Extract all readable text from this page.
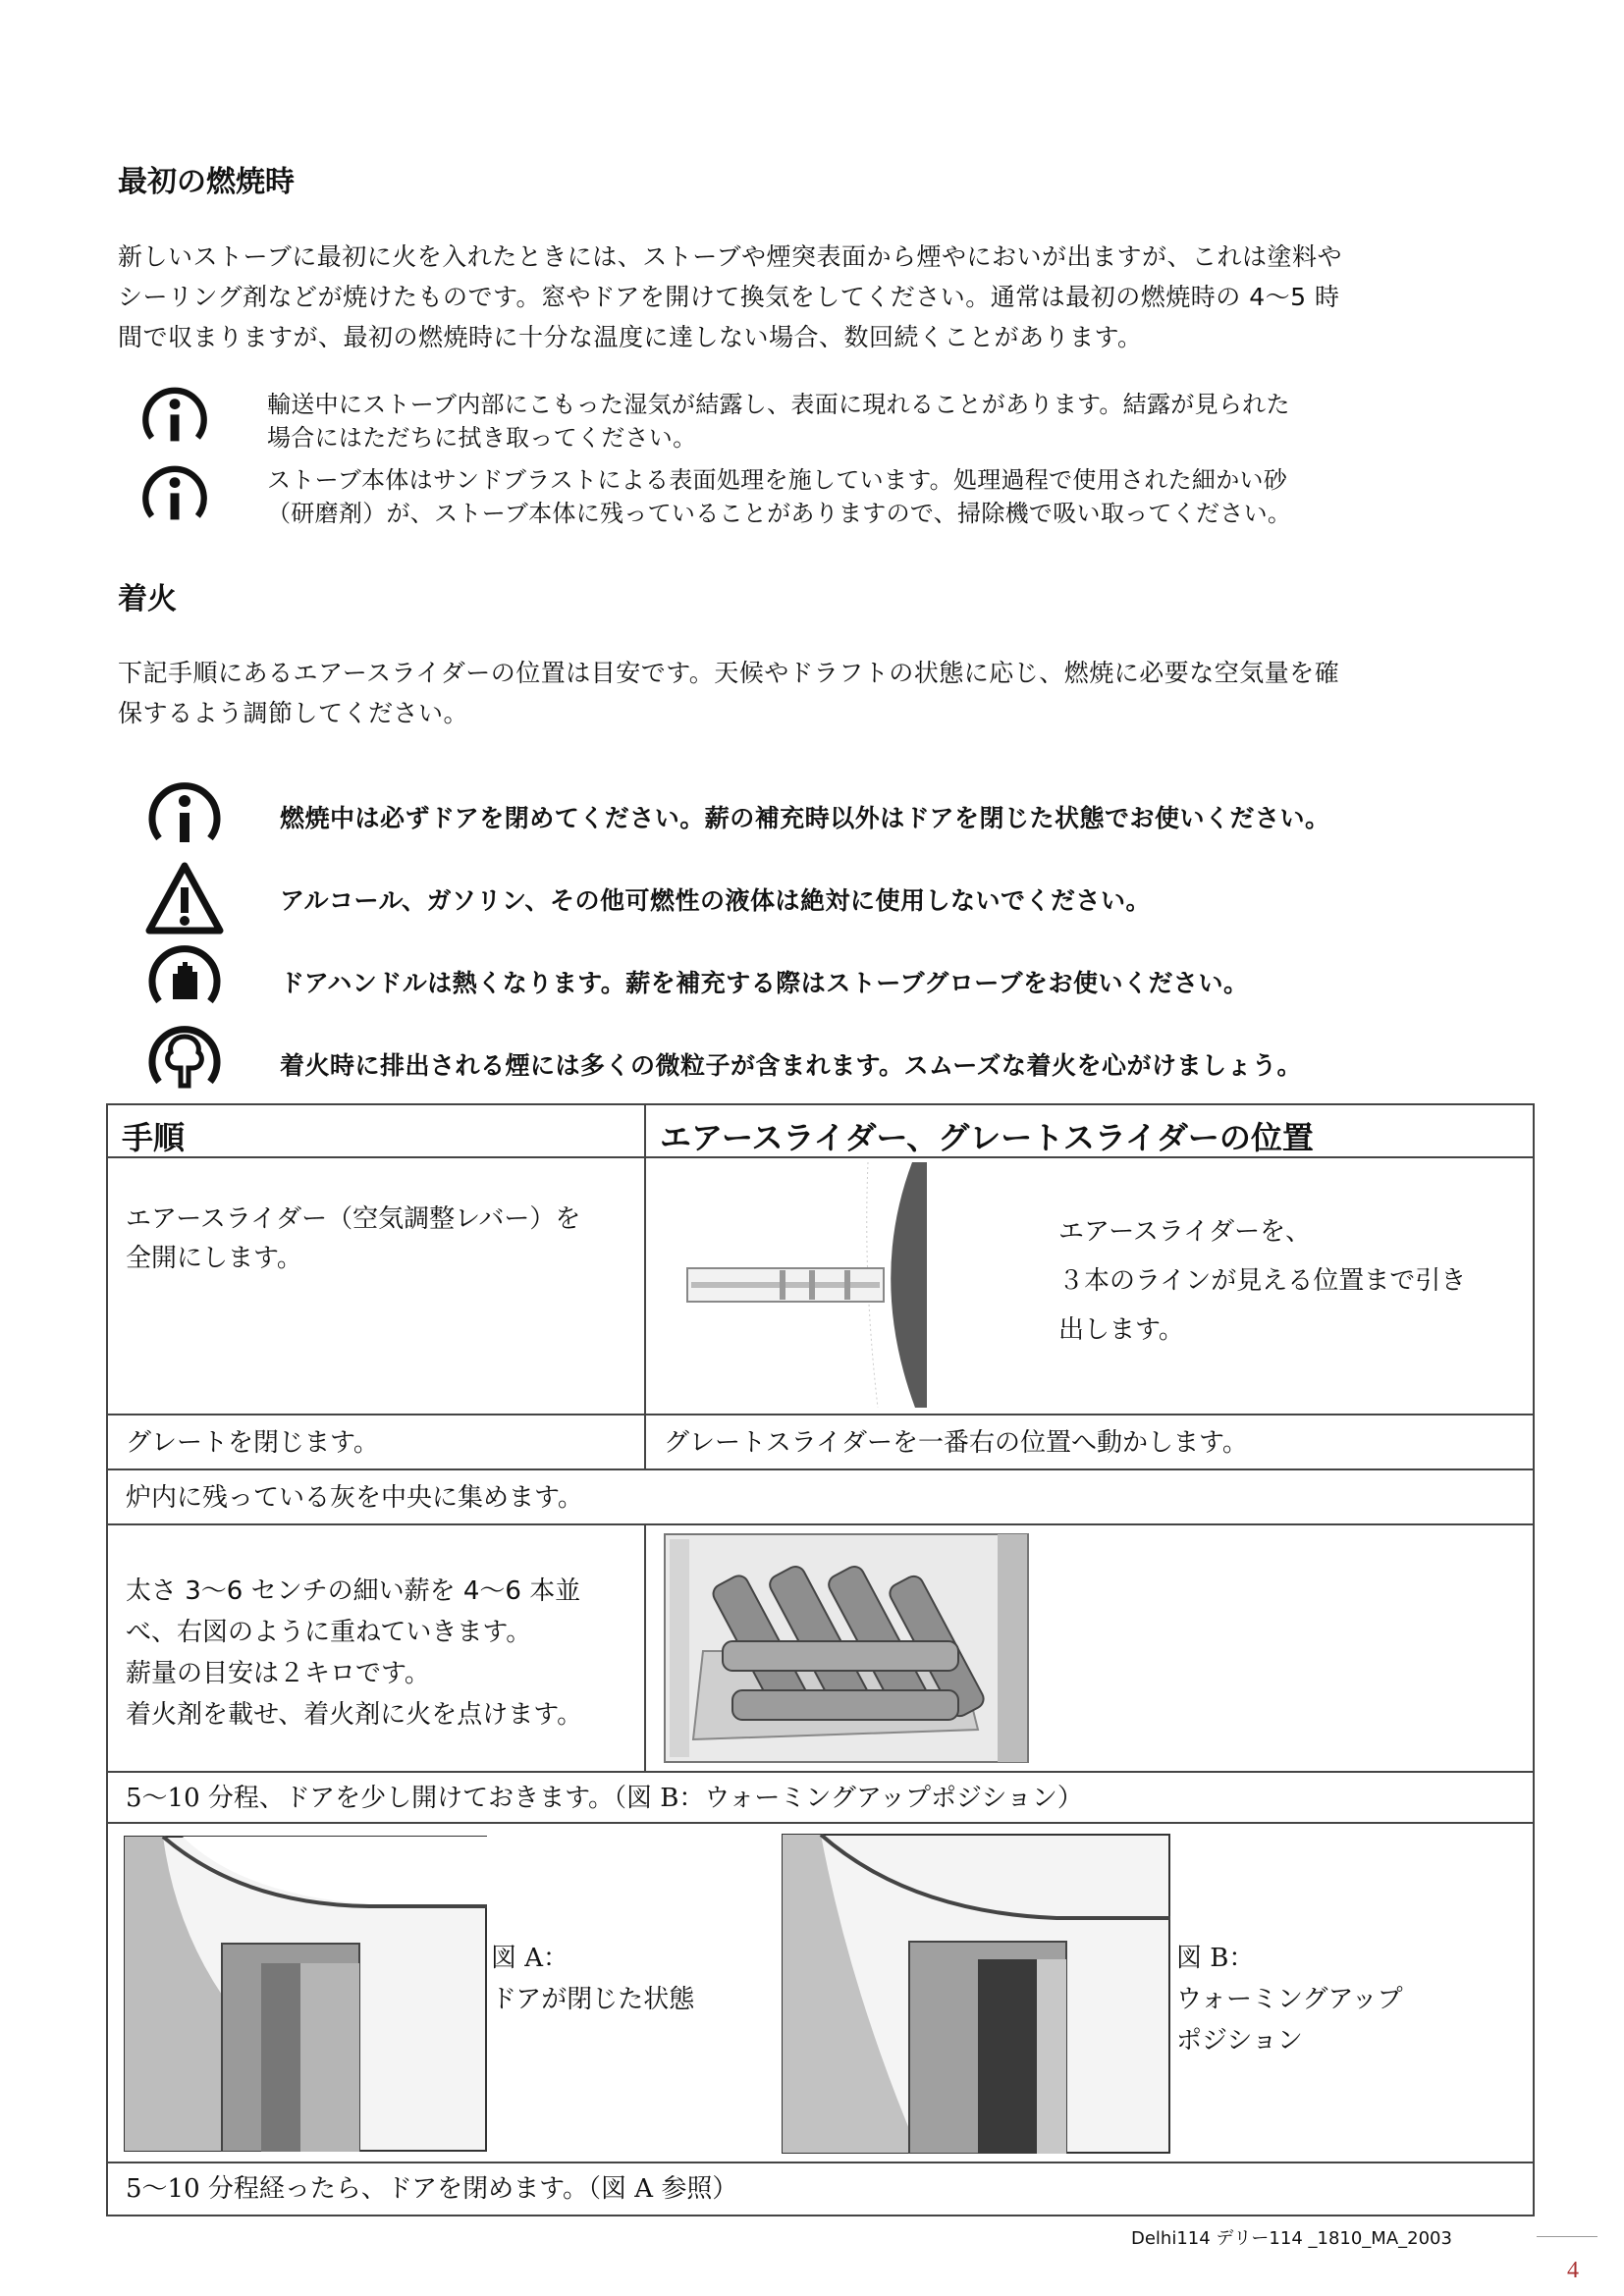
最初の燃焼時
新しいストーブに最初に火を入れたときには、ストーブや煙突表面から煙やにおいが出ますが、これは塗料や
シーリング剤などが焼けたものです。窓やドアを開けて換気をしてください。通常は最初の燃焼時の 4～5 時
間で収まりますが、最初の燃焼時に十分な温度に達しない場合、数回続くことがあります。
輸送中にストーブ内部にこもった湿気が結露し、表面に現れることがあります。結露が見られた
場合にはただちに拭き取ってください。
ストーブ本体はサンドブラストによる表面処理を施しています。処理過程で使用された細かい砂
（研磨剤）が、ストーブ本体に残っていることがありますので、掃除機で吸い取ってください。
着火
下記手順にあるエアースライダーの位置は目安です。天候やドラフトの状態に応じ、燃焼に必要な空気量を確
保するよう調節してください。
燃焼中は必ずドアを閉めてください。薪の補充時以外はドアを閉じた状態でお使いください。
アルコール、ガソリン、その他可燃性の液体は絶対に使用しないでください。
ドアハンドルは熱くなります。薪を補充する際はストーブグローブをお使いください。
着火時に排出される煙には多くの微粒子が含まれます。スムーズな着火を心がけましょう。
手順	エアースライダー、グレートスライダーの位置
エアースライダー（空気調整レバー）を
全開にします。
エアースライダーを、
３本のラインが見える位置まで引き
出します。
グレートを閉じます。	グレートスライダーを一番右の位置へ動かします。
炉内に残っている灰を中央に集めます。
太さ 3～6 センチの細い薪を 4～6 本並
べ、右図のように重ねていきます。
薪量の目安は２キロです。
着火剤を載せ、着火剤に火を点けます。
5～10 分程、ドアを少し開けておきます。（図 B：ウォーミングアップポジション）
図 A：
ドアが閉じた状態
図 B：
ウォーミングアップ
ポジション
5～10 分程経ったら、ドアを閉めます。（図 A 参照）
Delhi114 デリー114 _1810_MA_2003
4
